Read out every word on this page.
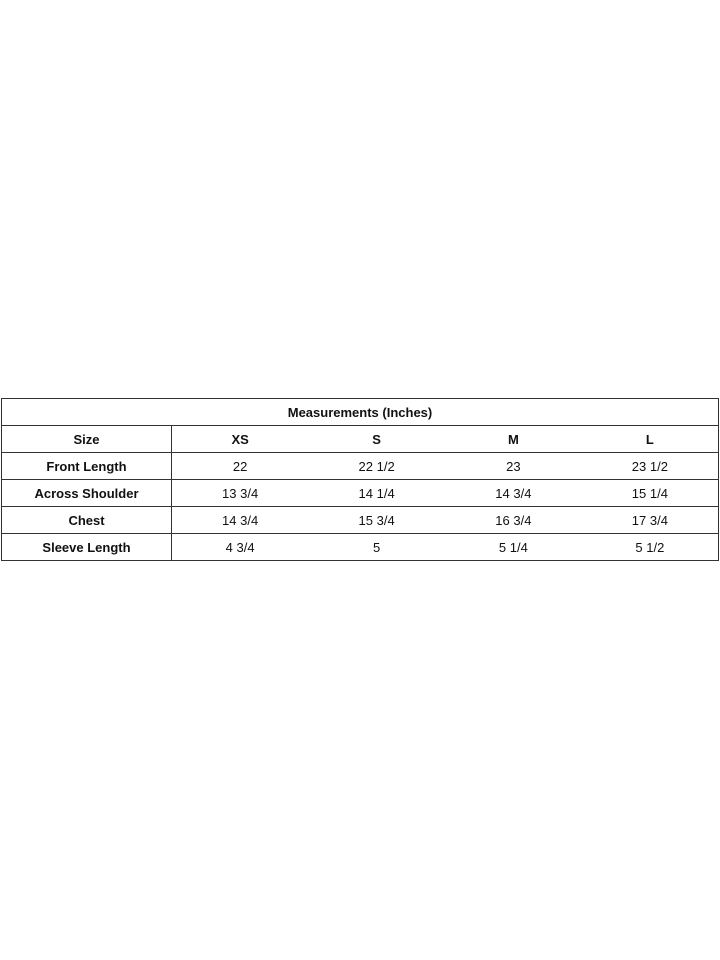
Measurements (Inches)				
Size	XS	S	M	L
Front Length	22	22 1/2	23	23 1/2
Across Shoulder	13 3/4	14 1/4	14 3/4	15 1/4
Chest	14 3/4	15 3/4	16 3/4	17 3/4
Sleeve Length	4 3/4	5	5 1/4	5 1/2
